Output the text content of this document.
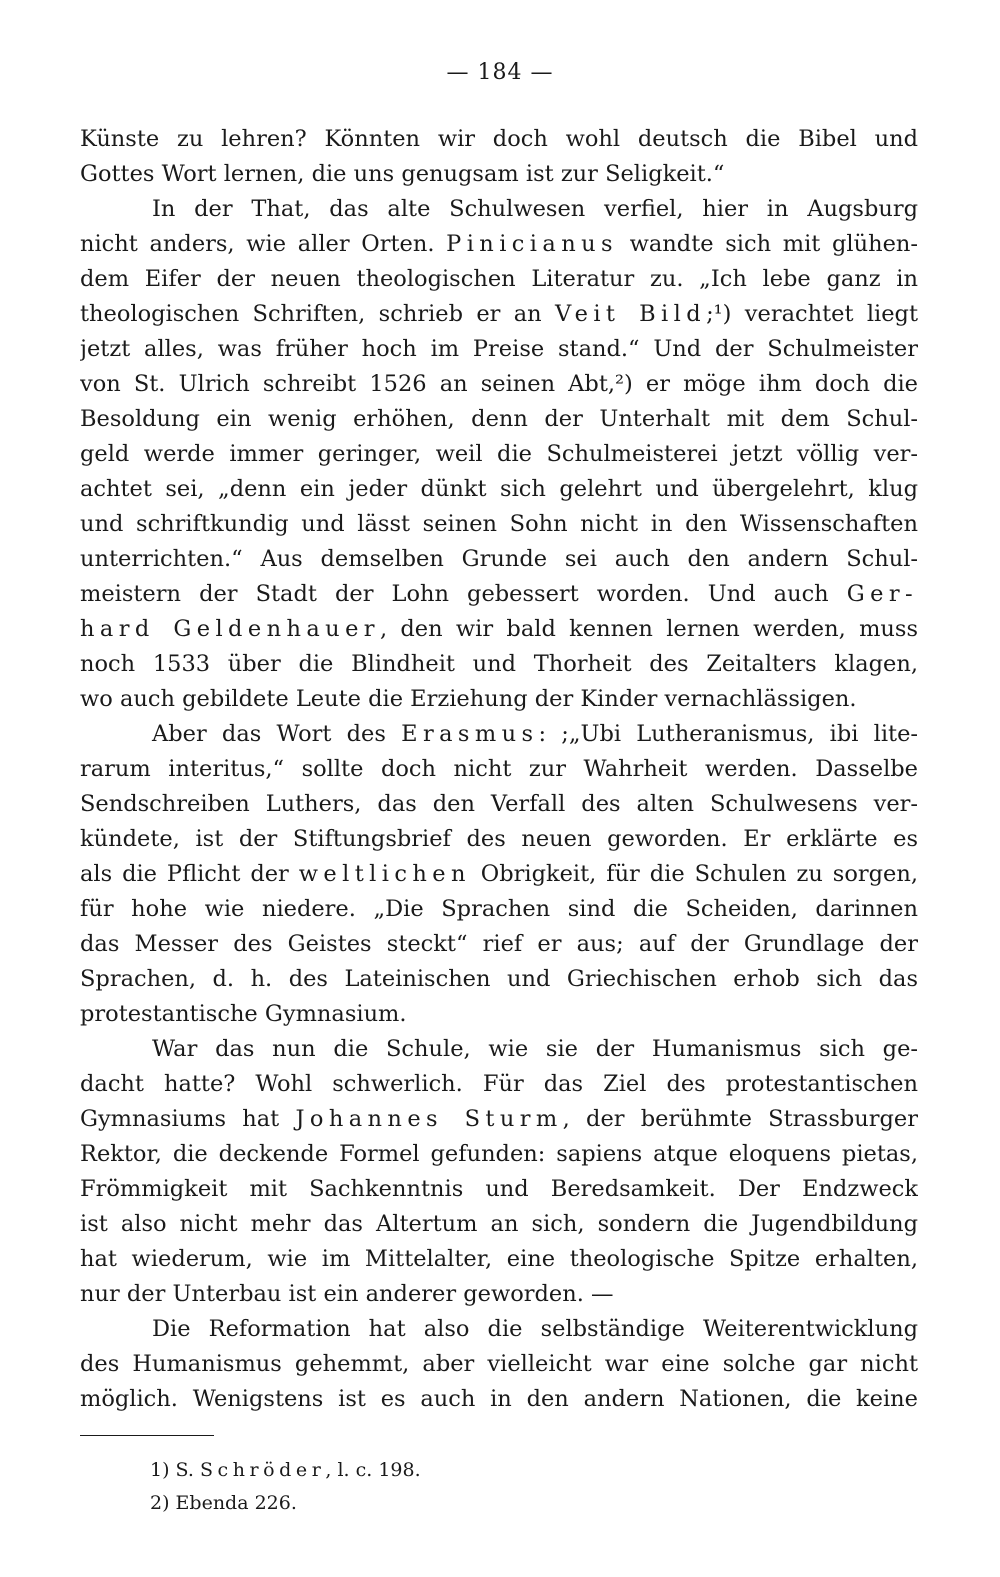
— 184 —
Künste zu lehren? Könnten wir doch wohl deutsch die Bibel und
Gottes Wort lernen, die uns genugsam ist zur Seligkeit.“
In der That, das alte Schulwesen verfiel, hier in Augsburg
nicht anders, wie aller Orten. Pinicianus wandte sich mit glühen-
dem Eifer der neuen theologischen Literatur zu. „Ich lebe ganz in
theologischen Schriften, schrieb er an Veit Bild;¹) verachtet liegt
jetzt alles, was früher hoch im Preise stand.“ Und der Schulmeister
von St. Ulrich schreibt 1526 an seinen Abt,²) er möge ihm doch die
Besoldung ein wenig erhöhen, denn der Unterhalt mit dem Schul-
geld werde immer geringer, weil die Schulmeisterei jetzt völlig ver-
achtet sei, „denn ein jeder dünkt sich gelehrt und übergelehrt, klug
und schriftkundig und lässt seinen Sohn nicht in den Wissenschaften
unterrichten.“ Aus demselben Grunde sei auch den andern Schul-
meistern der Stadt der Lohn gebessert worden. Und auch Ger-
hard Geldenhauer, den wir bald kennen lernen werden, muss
noch 1533 über die Blindheit und Thorheit des Zeitalters klagen,
wo auch gebildete Leute die Erziehung der Kinder vernachlässigen.
Aber das Wort des Erasmus: ;„Ubi Lutheranismus, ibi lite-
rarum interitus,“ sollte doch nicht zur Wahrheit werden. Dasselbe
Sendschreiben Luthers, das den Verfall des alten Schulwesens ver-
kündete, ist der Stiftungsbrief des neuen geworden. Er erklärte es
als die Pflicht der weltlichen Obrigkeit, für die Schulen zu sorgen,
für hohe wie niedere. „Die Sprachen sind die Scheiden, darinnen
das Messer des Geistes steckt“ rief er aus; auf der Grundlage der
Sprachen, d. h. des Lateinischen und Griechischen erhob sich das
protestantische Gymnasium.
War das nun die Schule, wie sie der Humanismus sich ge-
dacht hatte? Wohl schwerlich. Für das Ziel des protestantischen
Gymnasiums hat Johannes Sturm, der berühmte Strassburger
Rektor, die deckende Formel gefunden: sapiens atque eloquens pietas,
Frömmigkeit mit Sachkenntnis und Beredsamkeit. Der Endzweck
ist also nicht mehr das Altertum an sich, sondern die Jugendbildung
hat wiederum, wie im Mittelalter, eine theologische Spitze erhalten,
nur der Unterbau ist ein anderer geworden. —
Die Reformation hat also die selbständige Weiterentwicklung
des Humanismus gehemmt, aber vielleicht war eine solche gar nicht
möglich. Wenigstens ist es auch in den andern Nationen, die keine
1) S. Schröder, l. c. 198.
2) Ebenda 226.
